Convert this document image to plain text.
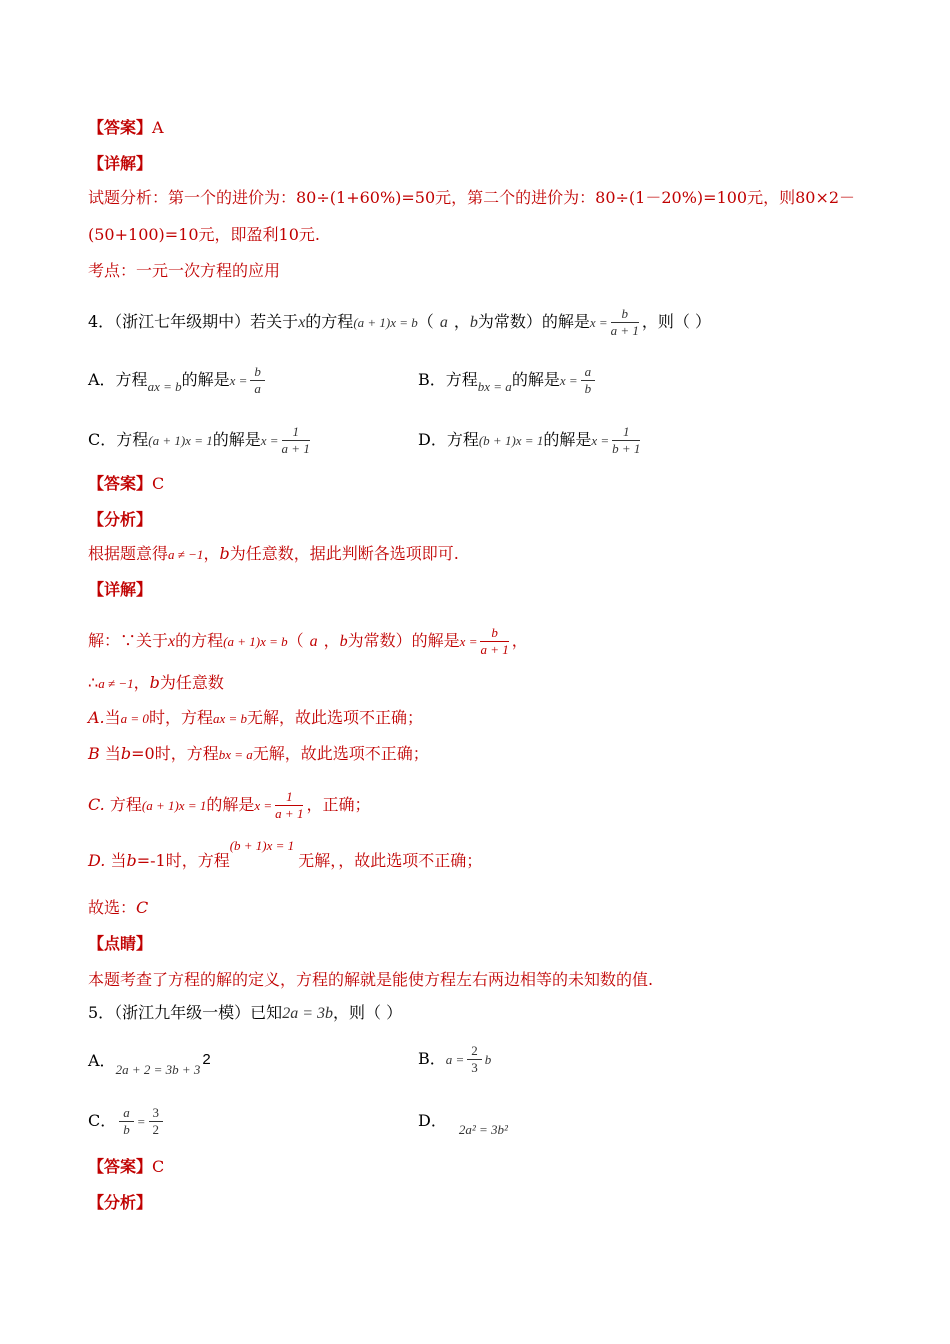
【答案】A
【详解】
试题分析：第一个的进价为：80÷(1+60%)=50元，第二个的进价为：80÷(1－20%)=100元，则80×2－
(50+100)=10元，即盈利10元.
考点：一元一次方程的应用
4．（浙江七年级期中）若关于x的方程(a + 1)x = b（ a ，b为常数）的解是$x = \frac{b}{a + 1}$ ，则（ ）
A．方程$_{ax = b}$的解是$x = \frac{b}{a}$	B．方程$_{bx = a}$的解是$x = \frac{a}{b}$
C．方程(a + 1)x = 1的解是$x = \frac{1}{a + 1}$	D．方程(b + 1)x = 1的解是$x = \frac{1}{b + 1}$
【答案】C
【分析】
根据题意得a ≠ −1，b为任意数，据此判断各选项即可.
【详解】
解：∵关于x的方程(a + 1)x = b（ a ，b为常数）的解是$x = \frac{b}{a + 1}$ ，
∴a ≠ −1，b为任意数
A.当a = 0时，方程ax = b无解，故此选项不正确；
B 当b=0时，方程bx = a无解，故此选项不正确；
C. 方程(a + 1)x = 1的解是$x = \frac{1}{a + 1}$ ，正确；
D. 当b=-1时，方程$^{(b + 1)x = 1}$无解，，故此选项不正确；
故选：C
【点睛】
本题考查了方程的解的定义，方程的解就是能使方程左右两边相等的未知数的值.
5．（浙江九年级一模）已知2a = 3b，则（ ）
A．$_{2a + 2 = 3b + 3}$2	B．$a = \frac{2}{3}$ b
C． $\frac{a}{b} = \frac{3}{2}$	D． $_{2a^2 = 3b^2}$
【答案】C
【分析】
